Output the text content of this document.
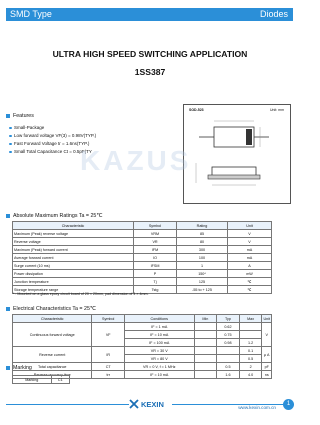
SMD Type	Diodes
ULTRA HIGH SPEED SWITCHING APPLICATION
1SS387
Features
Small-Package
Low forward voltage VF(3) = 0.98V(TYP.)
Fast Forward Voltage tr = 1.6ns(TYP.)
Small Total Capacitance Ct = 0.5pF(TY
SOD-523	Unit: mm
KAZUS
Absolute Maximum Ratings Ta = 25℃
Characteristic	Symbol	Rating	Unit
Maximum (Peak) reverse voltage	VRM	85	V
Reverse voltage	VR	80	V
Maximum (Peak) forward current	IFM	300	mA
Average forward current	IO	100	mA
Surge current (10 ms)	IFSM	1	A
Power dissipation	P	150*	mW
Junction temperature	Tj	125	℃
Storage temperature range	Tstg	-55 to + 125	℃
* : Mounted on a glass epoxy circuit board of 20 × 20mm, pad dimension of 4 × 4mm.
Electrical Characteristics Ta = 25℃
Characteristic	Symbol	Conditions	Min	Typ	Max	Unit
Continuous forward voltage	VF	IF = 1 mA		0.62		V
		IF = 10 mA		0.75		
		IF = 100 mA		0.98	1.2	
Reverse current	IR	VR = 30 V			0.1	μ A
		VR = 80 V			0.5	
Total capacitance	CT	VR = 0 V, f = 1 MHz		0.5	2	pF
Reverse recovery time	trr	IF = 10 mA		1.6	4.0	ns
Marking
Marking	C1
KEXIN	www.kexin.com.cn
1
